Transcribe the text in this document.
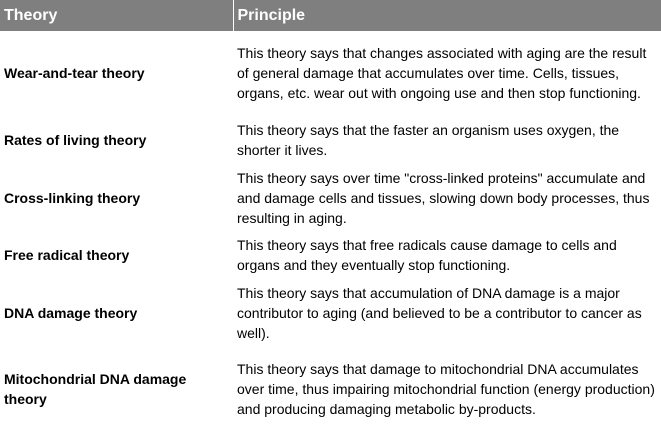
Theory	Principle
Wear-and-tear theory	This theory says that changes associated with aging are the result of general damage that accumulates over time. Cells, tissues, organs, etc. wear out with ongoing use and then stop functioning.
Rates of living theory	This theory says that the faster an organism uses oxygen, the shorter it lives.
Cross-linking theory	This theory says over time "cross-linked proteins" accumulate and and damage cells and tissues, slowing down body processes, thus resulting in aging.
Free radical theory	This theory says that free radicals cause damage to cells and organs and they eventually stop functioning.
DNA damage theory	This theory says that accumulation of DNA damage is a major contributor to aging (and believed to be a contributor to cancer as well).
Mitochondrial DNA damage theory	This theory says that damage to mitochondrial DNA accumulates over time, thus impairing mitochondrial function (energy production) and producing damaging metabolic by-products.
